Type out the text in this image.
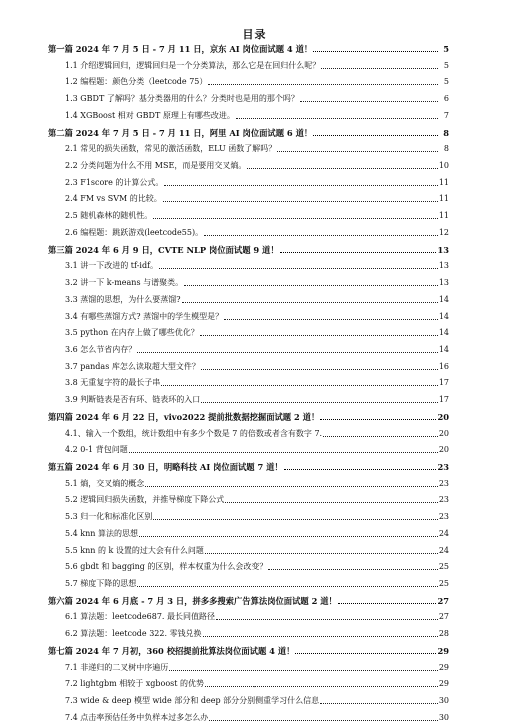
目录
第一篇 2024 年 7 月 5 日 - 7 月 11 日，京东 AI 岗位面试题 4 道！	5
1.1 介绍逻辑回归，逻辑回归是一个分类算法，那么它是在回归什么呢？	5
1.2 编程题：颜色分类（leetcode 75）	5
1.3 GBDT 了解吗？基分类器用的什么？分类时也是用的那个吗？	6
1.4 XGBoost 相对 GBDT 原理上有哪些改进。	7
第二篇 2024 年 7 月 5 日 - 7 月 11 日，阿里 AI 岗位面试题 6 道！	8
2.1 常见的损失函数，常见的激活函数，ELU 函数了解吗？	8
2.2 分类问题为什么不用 MSE，而是要用交叉熵。	10
2.3 F1score 的计算公式。	11
2.4 FM vs SVM 的比较。	11
2.5 随机森林的随机性。	11
2.6 编程题：跳跃游戏(leetcode55)。	12
第三篇 2024 年 6 月 9 日，CVTE NLP 岗位面试题 9 道！	13
3.1 讲一下改进的 tf-idf。	13
3.2 讲一下 k-means 与谱聚类。	13
3.3 蒸馏的思想，为什么要蒸馏?	14
3.4 有哪些蒸馏方式? 蒸馏中的学生模型是？	14
3.5 python 在内存上做了哪些优化？	14
3.6 怎么节省内存？	14
3.7 pandas 库怎么读取超大型文件？	16
3.8 无重复字符的最长子串	17
3.9 判断链表是否有环、链表环的入口	17
第四篇 2024 年 6 月 22 日，vivo2022 提前批数据挖掘面试题 2 道！	20
4.1、输入一个数组，统计数组中有多少个数是 7 的倍数或者含有数字 7.	20
4.2 0-1 背包问题	20
第五篇 2024 年 6 月 30 日，明略科技 AI 岗位面试题 7 道！	23
5.1 熵，交叉熵的概念	23
5.2 逻辑回归损失函数，并推导梯度下降公式	23
5.3 归一化和标准化区别	23
5.4 knn 算法的思想	24
5.5 knn 的 k 设置的过大会有什么问题	24
5.6 gbdt 和 bagging 的区别，样本权重为什么会改变？	25
5.7 梯度下降的思想	25
第六篇 2024 年 6 月底 - 7 月 3 日，拼多多搜索广告算法岗位面试题 2 道！	27
6.1 算法题：leetcode687. 最长同值路径	27
6.2 算法题：leetcode 322. 零钱兑换	28
第七篇 2024 年 7 月初，360 校招提前批算法岗位面试题 4 道！	29
7.1 非递归的二叉树中序遍历	29
7.2 lightgbm 相较于 xgboost 的优势	29
7.3 wide & deep 模型 wide 部分和 deep 部分分别侧重学习什么信息	30
7.4 点击率预估任务中负样本过多怎么办	30
-
